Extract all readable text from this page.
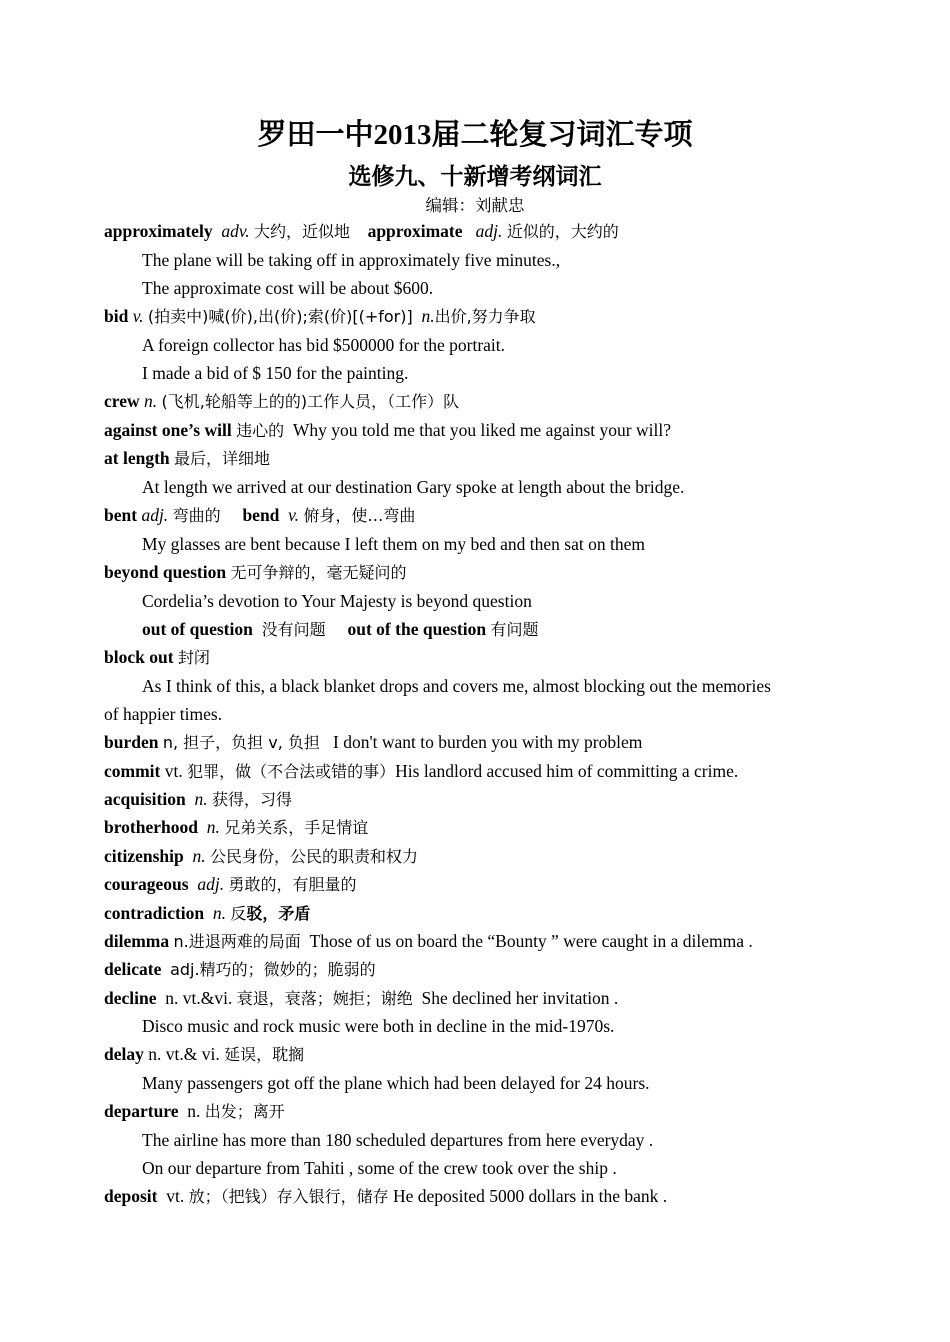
罗田一中2013届二轮复习词汇专项
选修九、十新增考纲词汇
编辑：刘献忠
approximately adv. 大约，近似地 approximate adj. 近似的，大约的
The plane will be taking off in approximately five minutes.,
The approximate cost will be about $600.
bid v. (拍卖中)喊(价),出(价);索(价)[(+for)] n.出价,努力争取
A foreign collector has bid $500000 for the portrait.
I made a bid of $ 150 for the painting.
crew n. (飞机,轮船等上的的)工作人员，（工作）队
against one’s will 违心的 Why you told me that you liked me against your will?
at length 最后，详细地
At length we arrived at our destination Gary spoke at length about the bridge.
bent adj. 弯曲的 bend v. 俯身，使…弯曲
My glasses are bent because I left them on my bed and then sat on them
beyond question 无可争辩的，毫无疑问的
Cordelia’s devotion to Your Majesty is beyond question
out of question 没有问题 out of the question 有问题
block out 封闭
As I think of this, a black blanket drops and covers me, almost blocking out the memories
of happier times.
burden n, 担子，负担 v, 负担 I don't want to burden you with my problem
commit vt. 犯罪，做（不合法或错的事）His landlord accused him of committing a crime.
acquisition n. 获得，习得
brotherhood n. 兄弟关系，手足情谊
citizenship n. 公民身份，公民的职责和权力
courageous adj. 勇敢的，有胆量的
contradiction n. 反驳，矛盾
dilemma n.进退两难的局面 Those of us on board the “Bounty ” were caught in a dilemma .
delicate adj.精巧的；微妙的；脆弱的
decline n. vt.&vi. 衰退，衰落；婉拒；谢绝 She declined her invitation .
Disco music and rock music were both in decline in the mid-1970s.
delay n. vt.& vi. 延误，耽搁
Many passengers got off the plane which had been delayed for 24 hours.
departure n. 出发；离开
The airline has more than 180 scheduled departures from here everyday .
On our departure from Tahiti , some of the crew took over the ship .
deposit vt. 放；（把钱）存入银行，储存 He deposited 5000 dollars in the bank .
